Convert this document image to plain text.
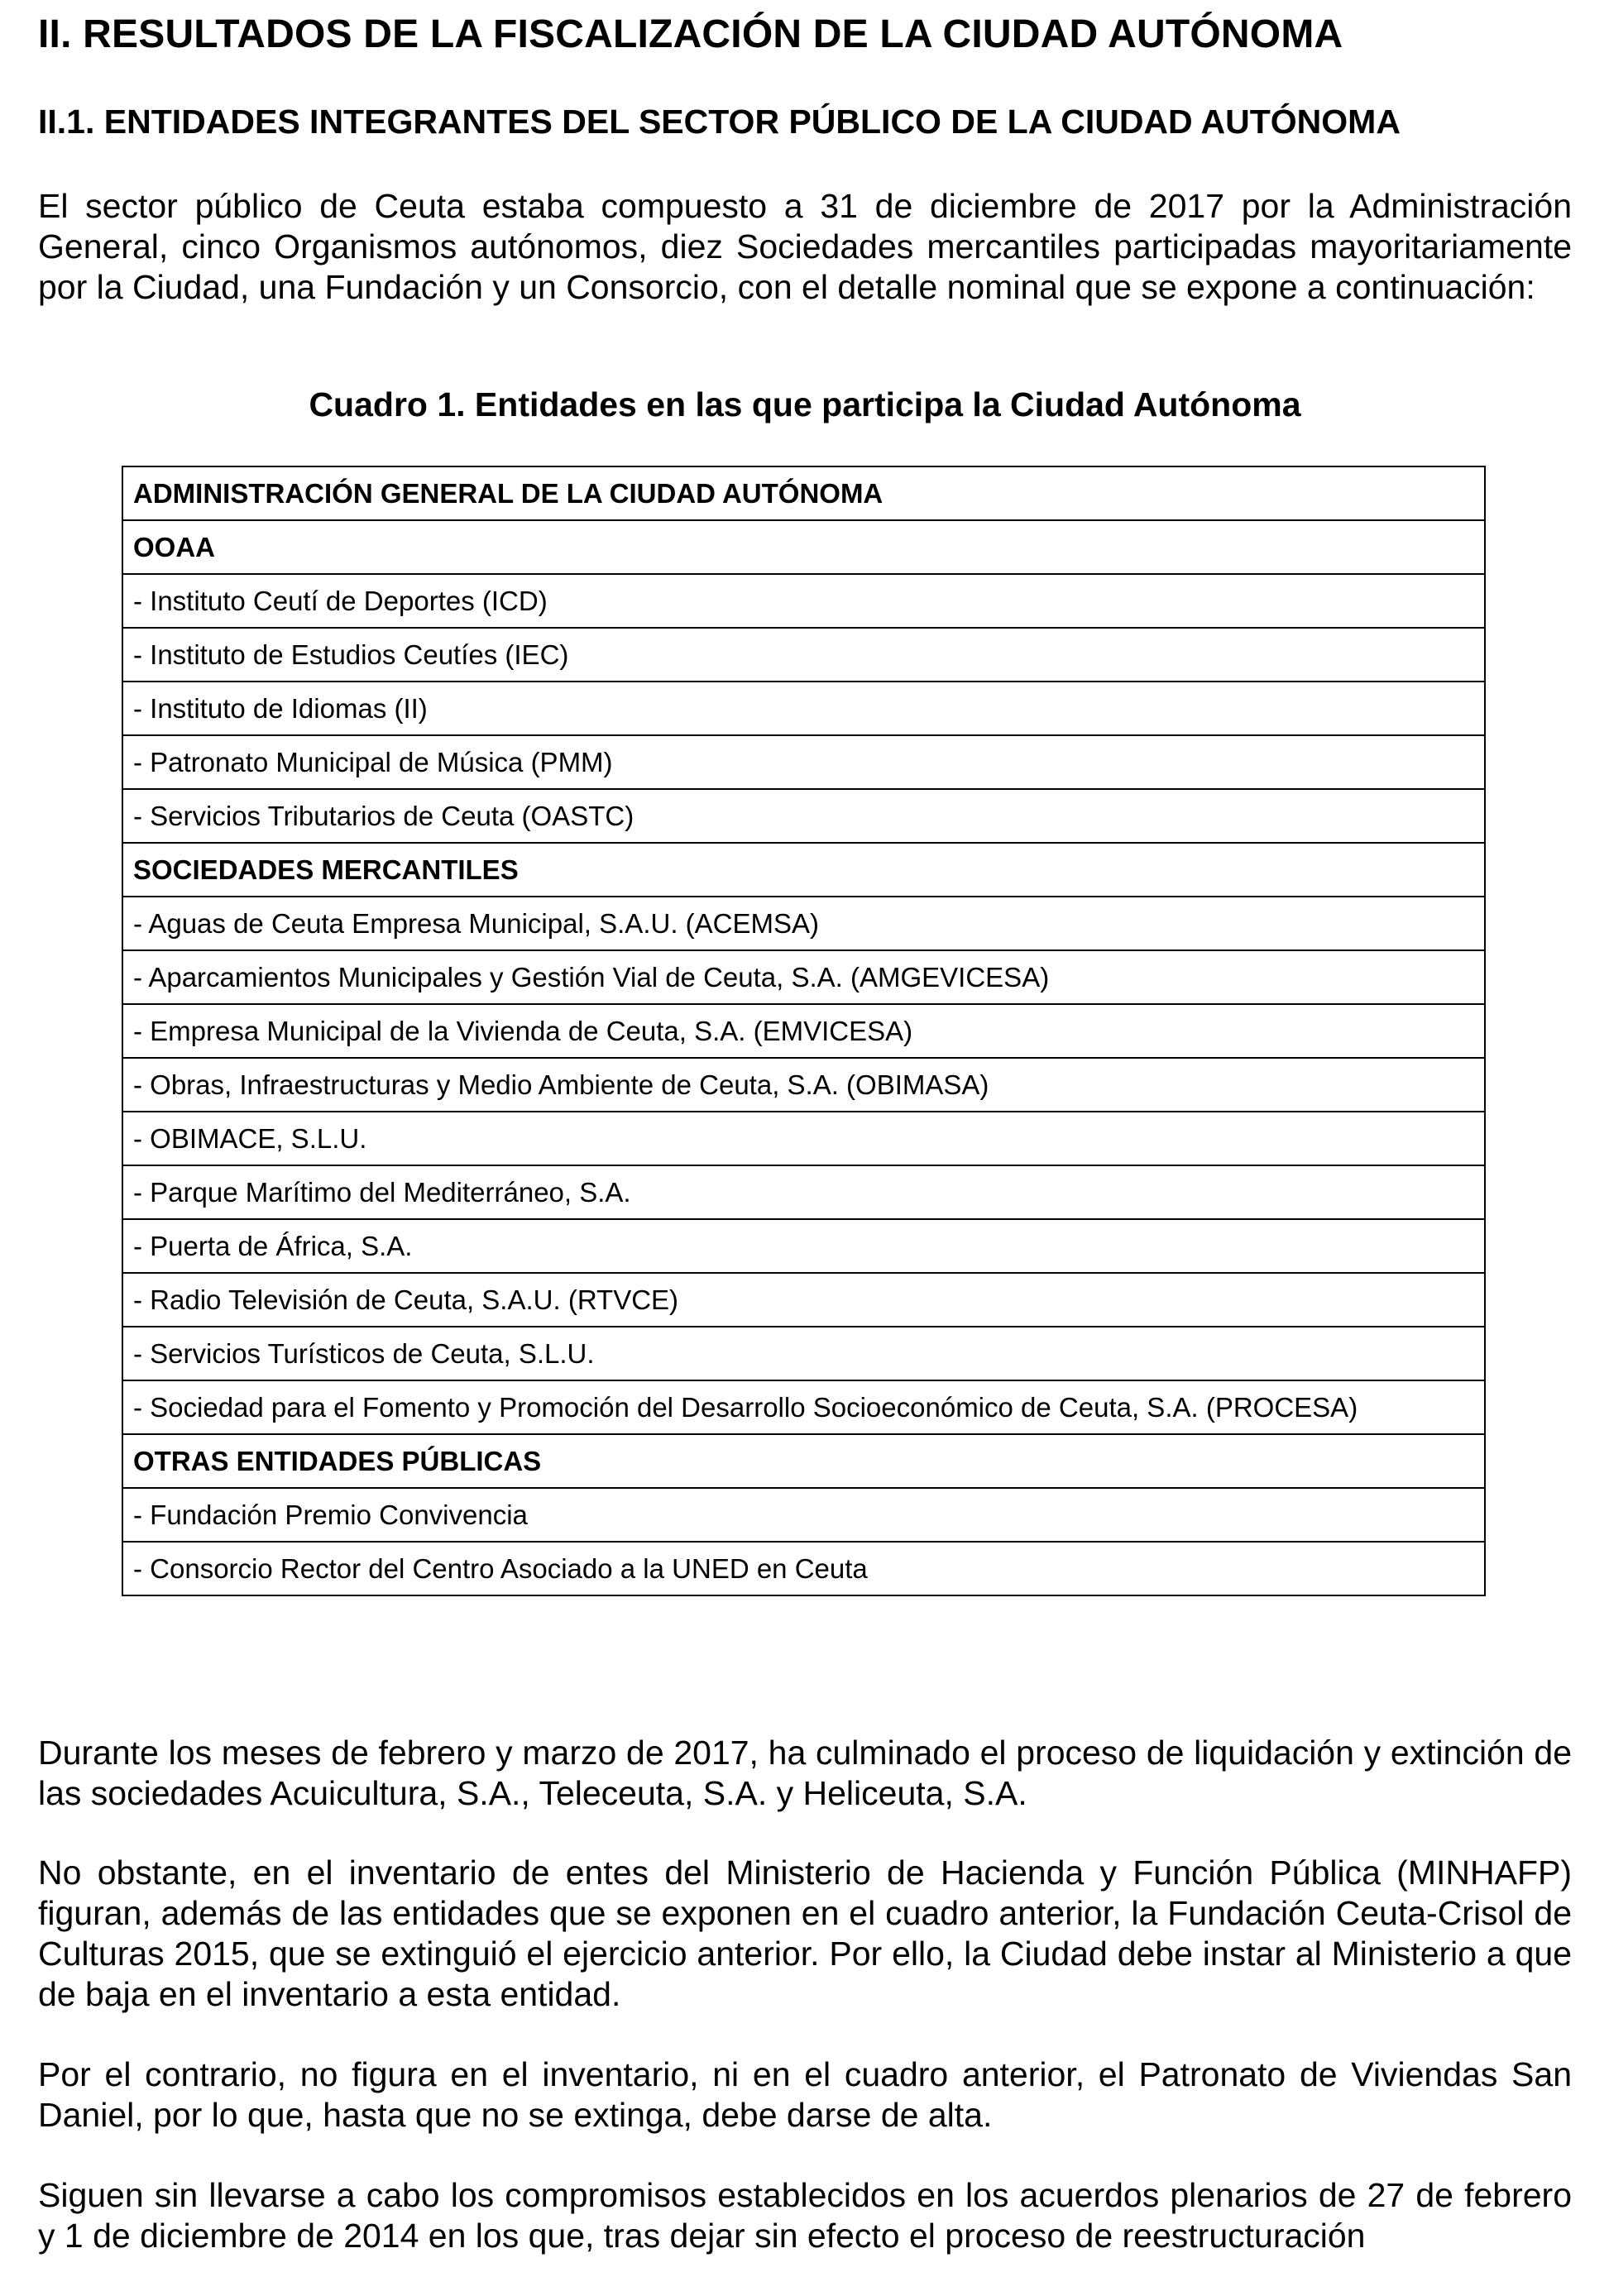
II. RESULTADOS DE LA FISCALIZACIÓN DE LA CIUDAD AUTÓNOMA
II.1. ENTIDADES INTEGRANTES DEL SECTOR PÚBLICO DE LA CIUDAD AUTÓNOMA

El sector público de Ceuta estaba compuesto a 31 de diciembre de 2017 por la Administración General, cinco Organismos autónomos, diez Sociedades mercantiles participadas mayoritariamente por la Ciudad, una Fundación y un Consorcio, con el detalle nominal que se expone a continuación:

Cuadro 1. Entidades en las que participa la Ciudad Autónoma

ADMINISTRACIÓN GENERAL DE LA CIUDAD AUTÓNOMA
OOAA
- Instituto Ceutí de Deportes (ICD)
- Instituto de Estudios Ceutíes (IEC)
- Instituto de Idiomas (II)
- Patronato Municipal de Música (PMM)
- Servicios Tributarios de Ceuta (OASTC)
SOCIEDADES MERCANTILES
- Aguas de Ceuta Empresa Municipal, S.A.U. (ACEMSA)
- Aparcamientos Municipales y Gestión Vial de Ceuta, S.A. (AMGEVICESA)
- Empresa Municipal de la Vivienda de Ceuta, S.A. (EMVICESA)
- Obras, Infraestructuras y Medio Ambiente de Ceuta, S.A. (OBIMASA)
- OBIMACE, S.L.U.
- Parque Marítimo del Mediterráneo, S.A.
- Puerta de África, S.A.
- Radio Televisión de Ceuta, S.A.U. (RTVCE)
- Servicios Turísticos de Ceuta, S.L.U.
- Sociedad para el Fomento y Promoción del Desarrollo Socioeconómico de Ceuta, S.A. (PROCESA)
OTRAS ENTIDADES PÚBLICAS
- Fundación Premio Convivencia
- Consorcio Rector del Centro Asociado a la UNED en Ceuta

Durante los meses de febrero y marzo de 2017, ha culminado el proceso de liquidación y extinción de las sociedades Acuicultura, S.A., Teleceuta, S.A. y Heliceuta, S.A.

No obstante, en el inventario de entes del Ministerio de Hacienda y Función Pública (MINHAFP) figuran, además de las entidades que se exponen en el cuadro anterior, la Fundación Ceuta-Crisol de Culturas 2015, que se extinguió el ejercicio anterior. Por ello, la Ciudad debe instar al Ministerio a que de baja en el inventario a esta entidad.

Por el contrario, no figura en el inventario, ni en el cuadro anterior, el Patronato de Viviendas San Daniel, por lo que, hasta que no se extinga, debe darse de alta.

Siguen sin llevarse a cabo los compromisos establecidos en los acuerdos plenarios de 27 de febrero y 1 de diciembre de 2014 en los que, tras dejar sin efecto el proceso de reestructuración
